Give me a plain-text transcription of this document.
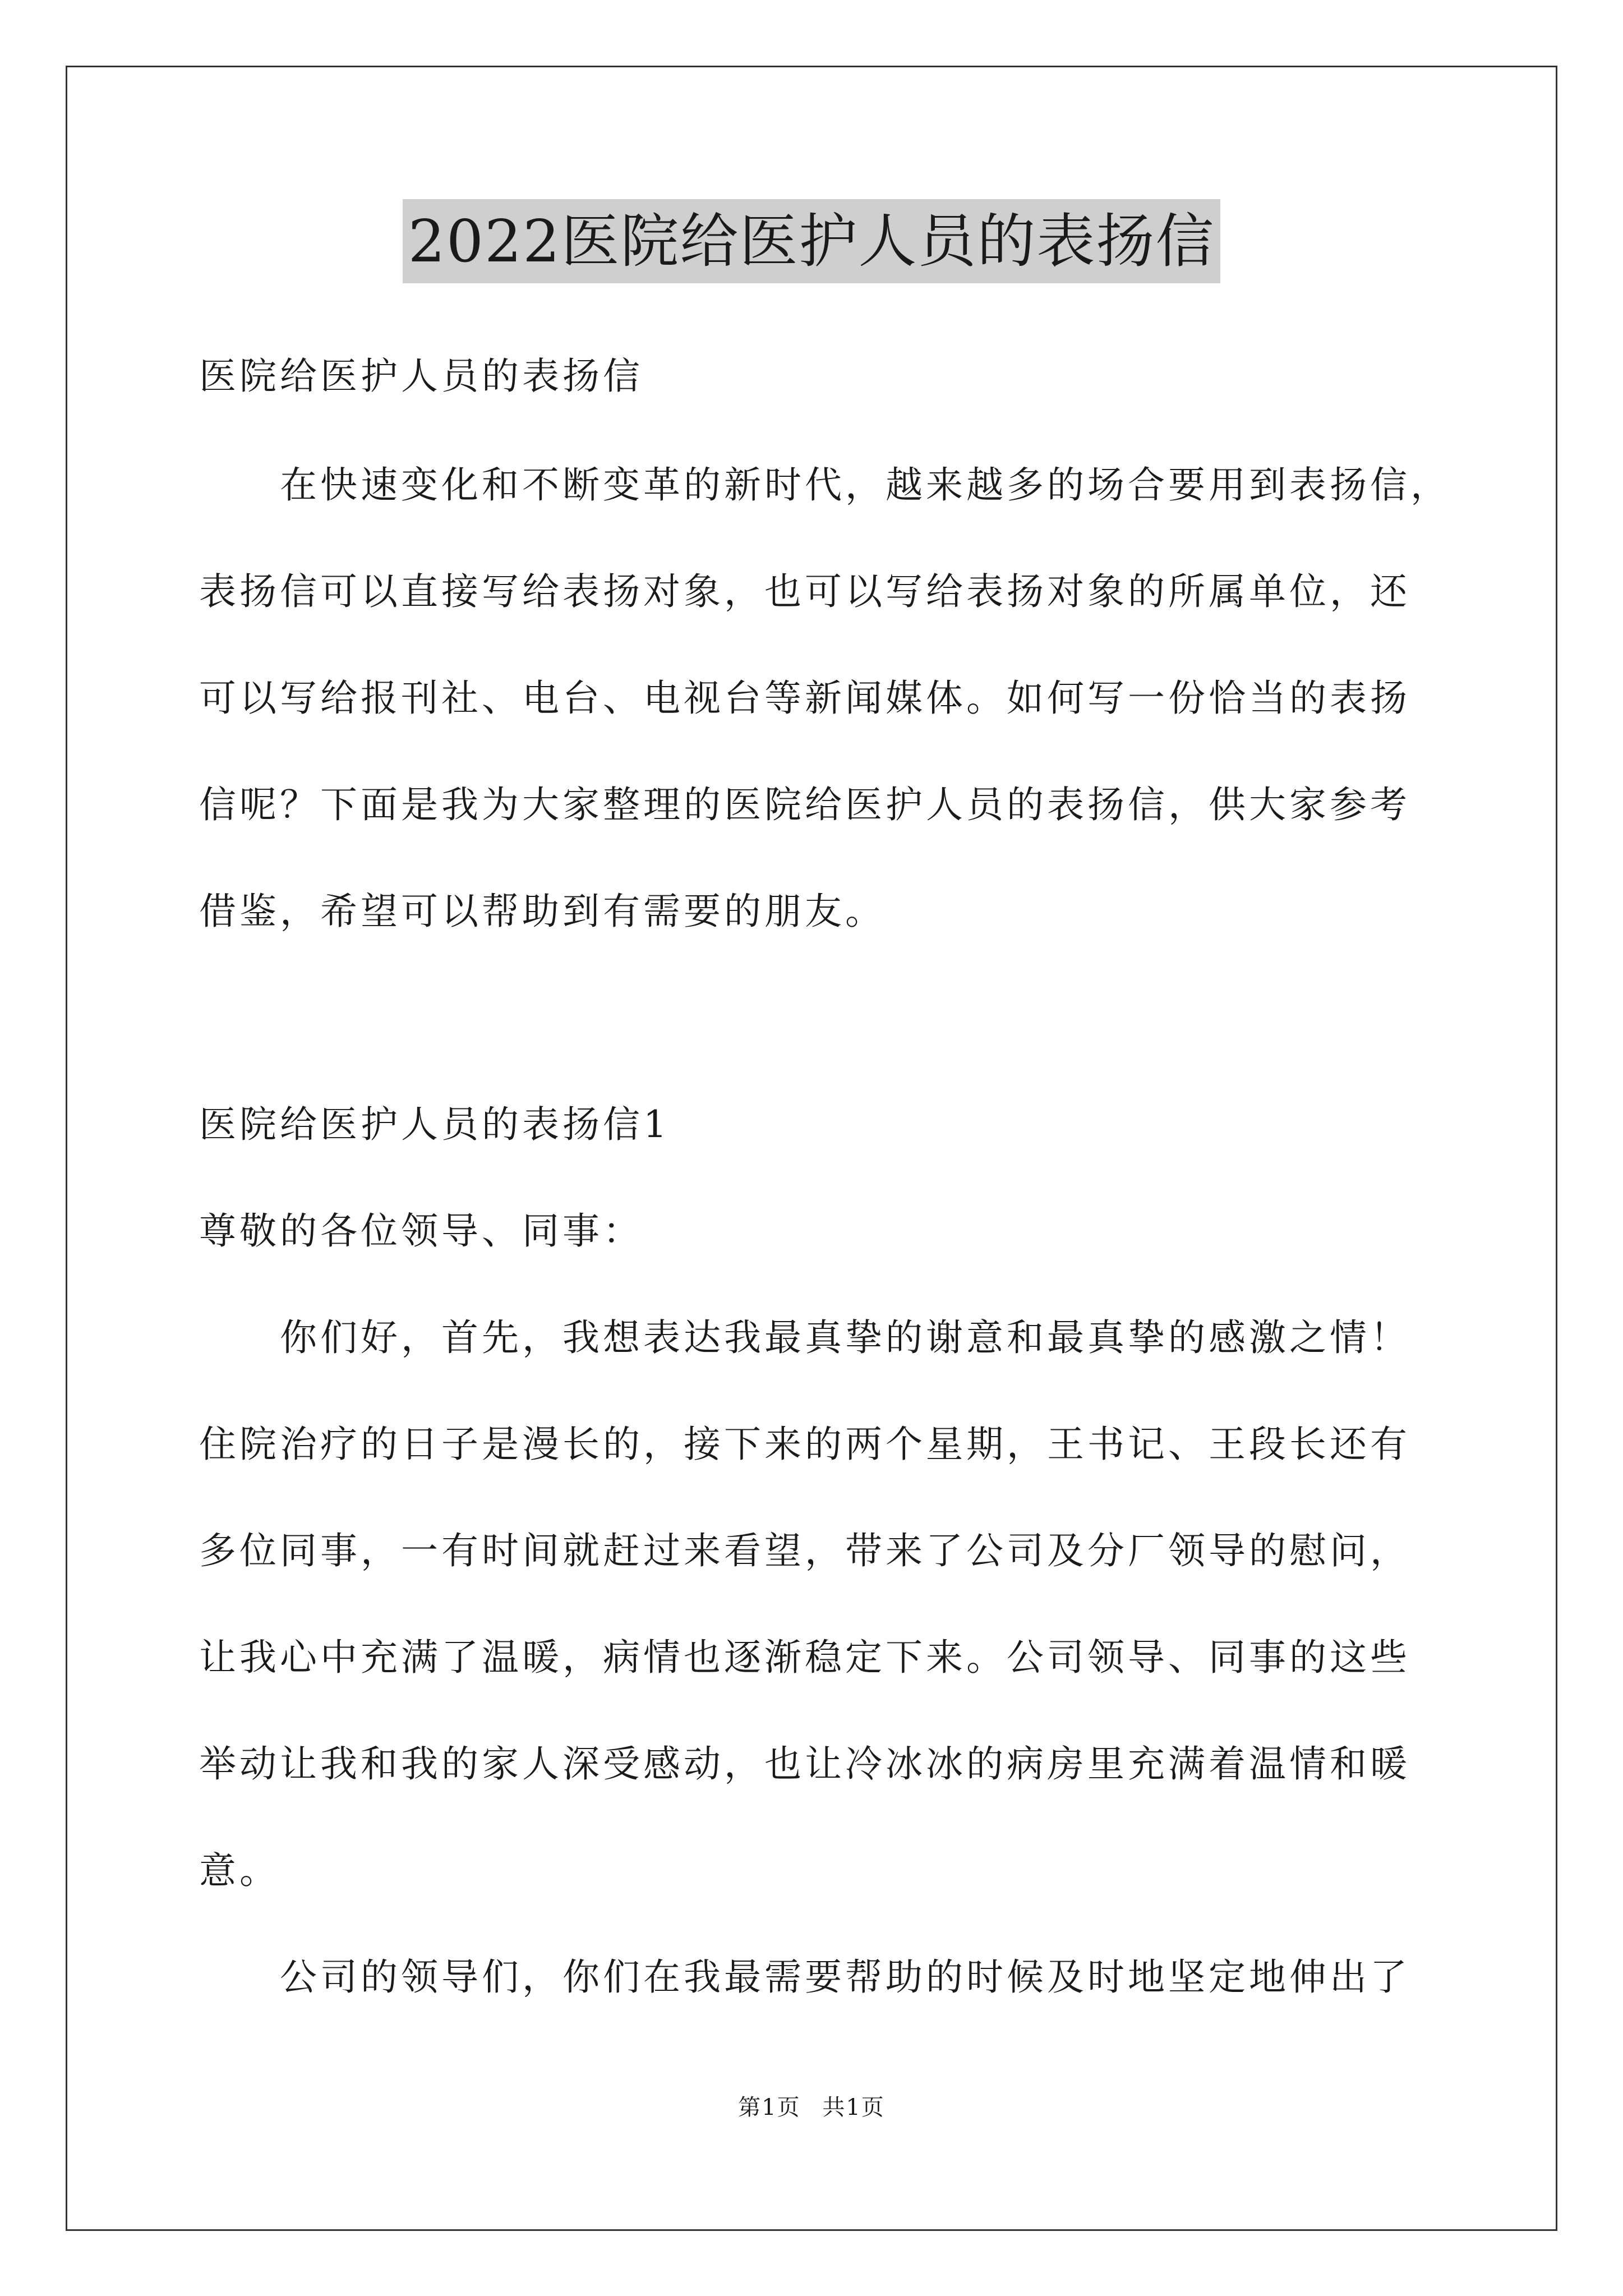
2022医院给医护人员的表扬信
医院给医护人员的表扬信
　　在快速变化和不断变革的新时代，越来越多的场合要用到表扬信，
表扬信可以直接写给表扬对象，也可以写给表扬对象的所属单位，还
可以写给报刊社、电台、电视台等新闻媒体。如何写一份恰当的表扬
信呢？下面是我为大家整理的医院给医护人员的表扬信，供大家参考
借鉴，希望可以帮助到有需要的朋友。
医院给医护人员的表扬信1
尊敬的各位领导、同事：
　　你们好，首先，我想表达我最真挚的谢意和最真挚的感激之情！
住院治疗的日子是漫长的，接下来的两个星期，王书记、王段长还有
多位同事，一有时间就赶过来看望，带来了公司及分厂领导的慰问，
让我心中充满了温暖，病情也逐渐稳定下来。公司领导、同事的这些
举动让我和我的家人深受感动，也让冷冰冰的病房里充满着温情和暖
意。
　　公司的领导们，你们在我最需要帮助的时候及时地坚定地伸出了
第1页 共1页
